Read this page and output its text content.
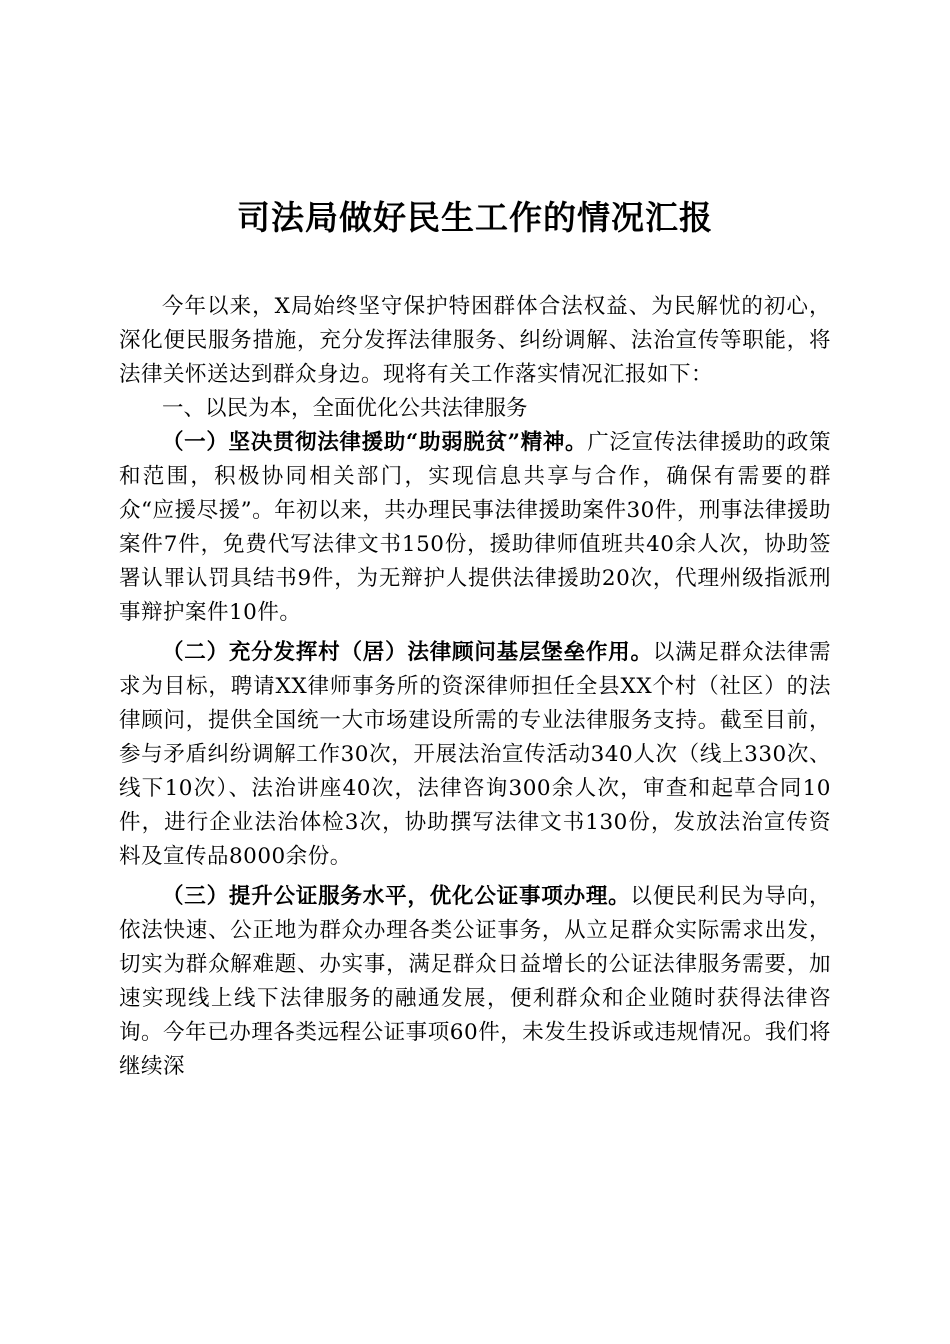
司法局做好民生工作的情况汇报

今年以来，X局始终坚守保护特困群体合法权益、为民解忧的初心，深化便民服务措施，充分发挥法律服务、纠纷调解、法治宣传等职能，将法律关怀送达到群众身边。现将有关工作落实情况汇报如下：

一、以民为本，全面优化公共法律服务

（一）坚决贯彻法律援助“助弱脱贫”精神。广泛宣传法律援助的政策和范围，积极协同相关部门，实现信息共享与合作，确保有需要的群众“应援尽援”。年初以来，共办理民事法律援助案件30件，刑事法律援助案件7件，免费代写法律文书150份，援助律师值班共40余人次，协助签署认罪认罚具结书9件，为无辩护人提供法律援助20次，代理州级指派刑事辩护案件10件。

（二）充分发挥村（居）法律顾问基层堡垒作用。以满足群众法律需求为目标，聘请XX律师事务所的资深律师担任全县XX个村（社区）的法律顾问，提供全国统一大市场建设所需的专业法律服务支持。截至目前，参与矛盾纠纷调解工作30次，开展法治宣传活动340人次（线上330次、线下10次）、法治讲座40次，法律咨询300余人次，审查和起草合同10件，进行企业法治体检3次，协助撰写法律文书130份，发放法治宣传资料及宣传品8000余份。

（三）提升公证服务水平，优化公证事项办理。以便民利民为导向，依法快速、公正地为群众办理各类公证事务，从立足群众实际需求出发，切实为群众解难题、办实事，满足群众日益增长的公证法律服务需要，加速实现线上线下法律服务的融通发展，便利群众和企业随时获得法律咨询。今年已办理各类远程公证事项60件，未发生投诉或违规情况。我们将继续深
